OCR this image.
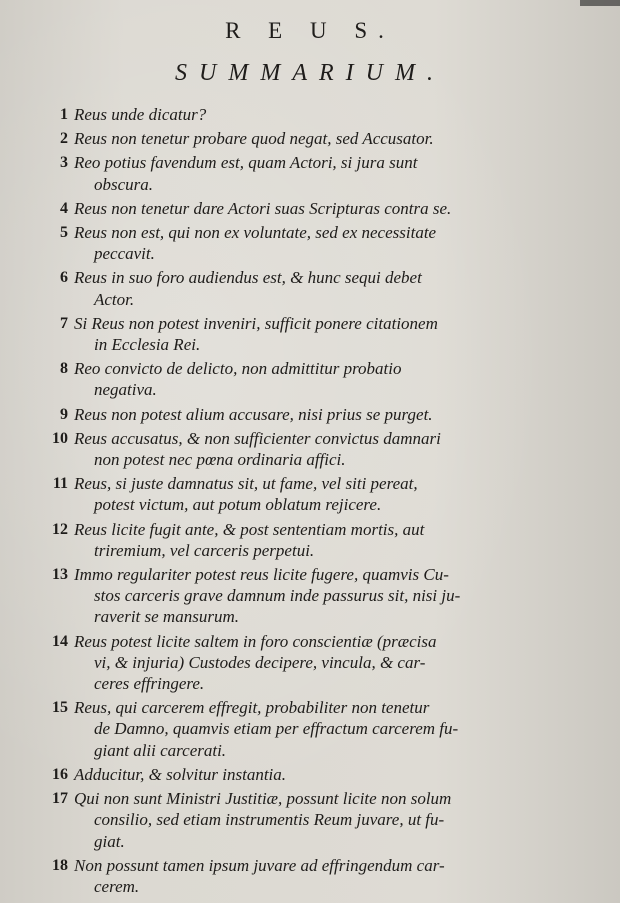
R E U S.
SUMMARIUM.
1 Reus unde dicatur?
2 Reus non tenetur probare quod negat, sed Accusator.
3 Reo potius favendum est, quam Actori, si jura sunt
obscura.
4 Reus non tenetur dare Actori suas Scripturas contra se.
5 Reus non est, qui non ex voluntate, sed ex necessitate
peccavit.
6 Reus in suo foro audiendus est, & hunc sequi debet
Actor.
7 Si Reus non potest inveniri, sufficit ponere citationem
in Ecclesia Rei.
8 Reo convicto de delicto, non admittitur probatio
negativa.
9 Reus non potest alium accusare, nisi prius se purget.
10 Reus accusatus, & non sufficienter convictus damnari
non potest nec pœna ordinaria affici.
11 Reus, si juste damnatus sit, ut fame, vel siti pereat,
potest victum, aut potum oblatum rejicere.
12 Reus licite fugit ante, & post sententiam mortis, aut
triremium, vel carceris perpetui.
13 Immo regulariter potest reus licite fugere, quamvis Cu-
stos carceris grave damnum inde passurus sit, nisi ju-
raverit se mansurum.
14 Reus potest licite saltem in foro conscientiæ (præcisa
vi, & injuria) Custodes decipere, vincula, & car-
ceres effringere.
15 Reus, qui carcerem effregit, probabiliter non tenetur
de Damno, quamvis etiam per effractum carcerem fu-
giant alii carcerati.
16 Adducitur, & solvitur instantia.
17 Qui non sunt Ministri Justitiæ, possunt licite non solum
consilio, sed etiam instrumentis Reum juvare, ut fu-
giat.
18 Non possunt tamen ipsum juvare ad effringendum car-
cerem.
